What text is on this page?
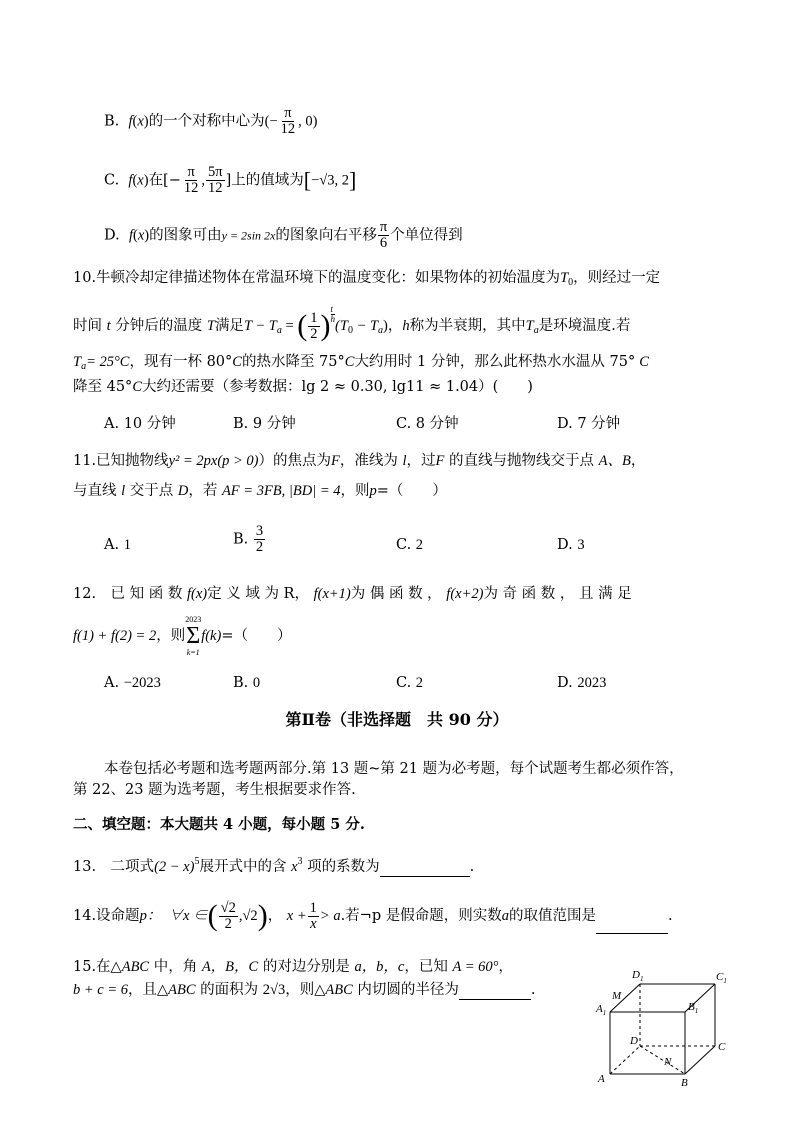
B. f(x)的一个对称中心为(− $\frac{\pi}{12}$ , 0)
C. f(x)在[− $\frac{\pi}{12}$ , $\frac{5\pi}{12}$ ]上的值域为[−√3, 2]
D. f(x)的图象可由y = 2sin 2x的图象向右平移 $\frac{\pi}{6}$ 个单位得到
10.牛顿冷却定律描述物体在常温环境下的温度变化：如果物体的初始温度为$T_0$，则经过一定
时间 t 分钟后的温度 T满足$T - T_a$ = ( $\frac{1}{2}$ ) $\frac{t}{h}$
$(T_0 - T_a)$，h称为半衰期，其中$T_a$是环境温度.若
$T_a= 25^\circ C$，现有一杯 80°C的热水降至 75°C大约用时 1 分钟，那么此杯热水水温从 75° C
降至 45°C大约还需要（参考数据：lg 2 ≈ 0.30, lg11 ≈ 1.04）(　　)
A. 10 分钟	B. 9 分钟	C. 8 分钟	D. 7 分钟
11.已知抛物线y² = 2px(p > 0)）的焦点为F，准线为 l，过F 的直线与抛物线交于点 A、B，
与直线 l 交于点 D，若 AF = 3FB, |BD| = 4，则p=（　　）
A. 1	B. $\frac{3}{2}$	C. 2	D. 3
12.　已 知 函 数 f(x)定 义 域 为 R， f(x+1)为 偶 函 数 ， f(x+2)为 奇 函 数 ， 且 满 足
f(1) + f(2) = 2，则
2023
Σ
k=1
f(k)=（　　）
A. −2023	B. 0	C. 2	D. 2023
第Ⅱ卷（非选择题　共 90 分）
本卷包括必考题和选考题两部分.第 13 题~第 21 题为必考题，每个试题考生都必须作答，
第 22、23 题为选考题，考生根据要求作答.
二、填空题：本大题共 4 小题，每小题 5 分.
13.　二项式$(2 - x)^5$展开式中的含 $x^3$ 项的系数为	.
14.设命题p：　∀x ∈( $\frac{√2}{2} ,√2$)， $x + \frac{1}{x} > a$.若¬p 是假命题，则实数a的取值范围是	.
15.在△ABC 中，角 A，B，C 的对边分别是 a，b，c，已知 A = 60°，
b + c = 6，且△ABC 的面积为 2√3，则△ABC 内切圆的半径为	.
$D_1$	$C_1$
$A_1$	$B_1$
M
D
N
C
A	B
